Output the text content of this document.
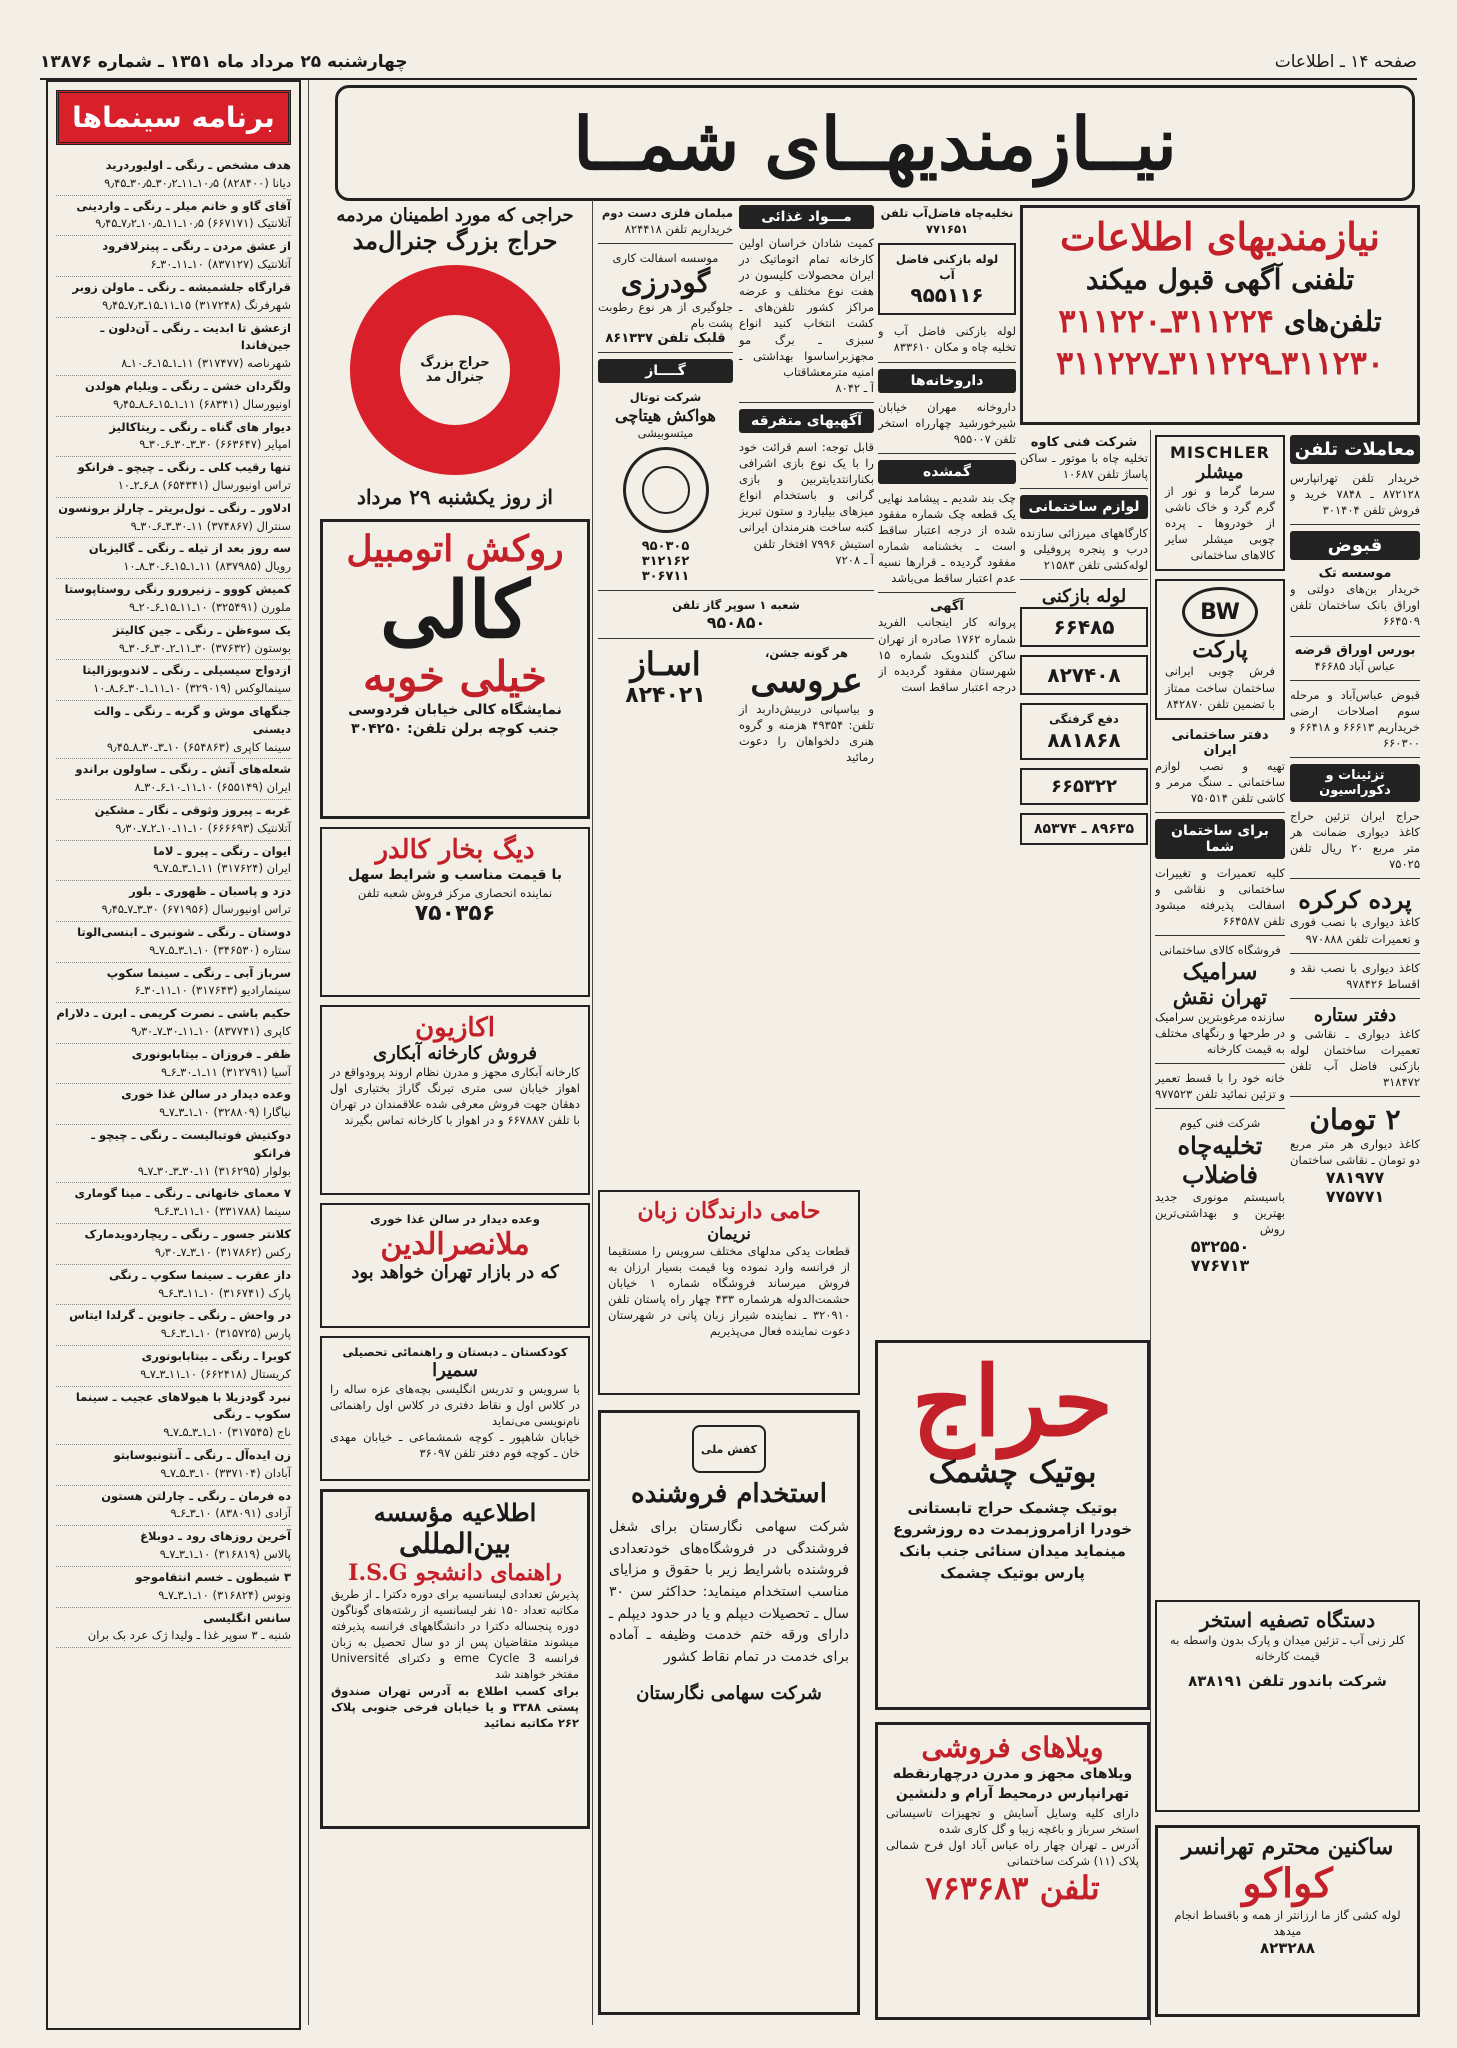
صفحه ۱۴ ـ اطلاعات
چهارشنبه ۲۵ مرداد ماه ۱۳۵۱ ـ شماره ۱۳۸۷۶
نیــازمندیهــای شمــا
نیازمندیهای اطلاعات
تلفنی آگهی قبول میکند
تلفن‌های
۳۱۱۲۲۴ـ۳۱۱۲۲۰
۳۱۱۲۳۰ـ۳۱۱۲۲۹ـ۳۱۱۲۲۷
معاملات تلفن
خریدار تلفن تهرانپارس ۸۷۲۱۲۸ ـ ۷۸۴۸ خرید و فروش تلفن ۳۰۱۴۰۴
قبوض
موسسه تک
خریدار بن‌های دولتی و اوراق بانک ساختمان تلفن ۶۶۴۵۰۹
بورس اوراق قرضه
عباس آباد ۴۶۶۸۵
قبوض عباس‌آباد و مرحله سوم اصلاحات ارضی خریداریم ۶۶۶۱۳ و ۶۶۴۱۸ و ۶۶۰۳۰۰
تزئینات و دکوراسیون
حراج ایران تزئین حراج کاغذ دیواری ضمانت هر متر مربع ۲۰ ریال تلفن ۷۵۰۲۵
پرده کرکره
کاغذ دیواری با نصب فوری و تعمیرات تلفن ۹۷۰۸۸۸
کاغذ دیواری با نصب نقد و اقساط ۹۷۸۴۲۶
دفتر ستاره
کاغذ دیواری ـ نقاشی و تعمیرات ساختمان لوله بازکنی فاضل آب تلفن ۳۱۸۴۷۲
۲ تومان
کاغذ دیواری هر متر مربع دو تومان ـ نقاشی ساختمان
۷۸۱۹۷۷
۷۷۵۷۷۱
MISCHLER
میشلر
سرما گرما و نور از گرم گرد و خاک ناشی از خودروها ـ پرده چوبی میشلر سایر کالاهای ساختمانی
BW
پارکت
فرش چوبی ایرانی ساختمان ساخت ممتاز با تضمین تلفن ۸۴۲۸۷۰
دفتر ساختمانی ایران
تهیه و نصب لوازم ساختمانی ـ سنگ مرمر و کاشی تلفن ۷۵۰۵۱۴
برای ساختمان شما
کلیه تعمیرات و تغییرات ساختمانی و نقاشی و اسفالت پذیرفته میشود تلفن ۶۶۴۵۸۷
فروشگاه کالای ساختمانی
سرامیک
تهران نقش
سازنده مرغوبترین سرامیک در طرحها و رنگهای مختلف به قیمت کارخانه
خانه خود را با قسط تعمیر و تزئین نمائید تلفن ۹۷۷۵۲۳
شرکت فنی کیوم
تخلیه‌چاه
فاضلاب
باسیستم مونوری جدید بهترین و بهداشتی‌ترین روش
۵۳۲۵۵۰
۷۷۶۷۱۳
شرکت فنی کاوه
تخلیه چاه با موتور ـ ساکن پاساژ تلفن ۱۰۶۸۷
لوازم ساختمانی
کارگاههای میرزائی سازنده درب و پنجره پروفیلی و لوله‌کشی تلفن ۲۱۵۸۳
لوله بازکنی
۶۶۴۸۵
۸۲۷۴۰۸
دفع گرفتگی
۸۸۱۸۶۸
۶۶۵۳۲۲
۸۹۶۳۵ ـ ۸۵۳۷۴
نخلیه‌چاه فاضل‌آب تلفن ۷۷۱۶۵۱
لوله بازکنی فاضل آب
۹۵۵۱۱۶
لوله بازکنی فاضل آب و تخلیه چاه و مکان ۸۳۳۶۱۰
داروخانه‌ها
داروخانه مهران خیابان شیرخورشید چهارراه استخر تلفن ۹۵۵۰۰۷
گمشده
چک بند شدیم ـ پیشامد نهایی یک قطعه چک شماره مفقود شده از درجه اعتبار ساقط است ـ بخشنامه شماره مفقود گردیده ـ قرارها نسیه عدم اعتبار ساقط می‌باشد
آگهی
پروانه کار اینجانب الفرید شماره ۱۷۶۲ صادره از تهران ساکن گلندویک شماره ۱۵ شهرستان مفقود گردیده از درجه اعتبار ساقط است
مـــواد غذائی
کمیت شادان خراسان اولین کارخانه تمام اتوماتیک در ایران محصولات کلیسون در هفت نوع مختلف و عرضه مراکز کشور تلفن‌های ـ کشت انتخاب کنید انواع سبزی ـ برگ مو مجهزبراساسوا بهداشتی ـ امنیه مترمعشاقتاب
آ ـ ۸۰۴۲
آگهیهای متفرقه
قابل توجه: اسم قرائت خود را با یک نوع بازی اشرافی بکنارانتدیایتربین و بازی گرانی و باستخدام انواع میزهای بیلیارد و ستون تبریز کتبه ساخت هنرمندان ایرانی استیش ۷۹۹۶ افتخار تلفن
آ ـ ۷۲۰۸
مبلمان فلزی دست دوم
خریداریم تلفن ۸۲۴۴۱۸
موسسه اسفالت کاری
گودرزی
جلوگیری از هر نوع رطوبت پشت بام
قلبک تلفن ۸۶۱۳۳۷
گــــاز
شرکت توتال
هواکش هیتاچی
میتسوبیشی
۹۵۰۳۰۵
۳۱۲۱۶۲
۳۰۶۷۱۱
شعبه ۱ سوپر گاز تلفن
۹۵۰۸۵۰
هر گونه جشن،
عروسی
و بیاسپانی دربیش‌داربد از تلفن: ۴۹۳۵۴ هزمنه و گروه هنری دلخواهان را دعوت رمائید
اسـاز
۸۲۴۰۲۱
حامی دارندگان زبان
نریمان
قطعات یدکی مدلهای مختلف سرویس را مستقیما از فرانسه وارد نموده وبا قیمت بسیار ارزان به فروش میرساند فروشگاه شماره ۱ خیابان حشمت‌الدوله هرشماره ۴۳۳ چهار راه پاستان تلفن ۳۲۰۹۱۰ ـ نماینده شیراز زبان پانی در شهرستان دعوت نماینده فعال می‌پذیریم
حراج
بوتیک چشمک
بوتیک چشمک حراج تابستانی خودرا ازامروزبمدت ده روزشروع مینماید میدان سنائی جنب بانک پارس بوتیک چشمک
کفش ملی
استخدام فروشنده
شرکت سهامی نگارستان برای شغل فروشندگی در فروشگاه‌های خودتعدادی فروشنده باشرایط زیر با حقوق و مزایای مناسب استخدام مینماید: حداکثر سن ۳۰ سال ـ تحصیلات دیپلم و یا در حدود دیپلم ـ دارای ورقه ختم خدمت وظیفه ـ آماده برای خدمت در تمام نقاط کشور
شرکت سهامی نگارستان
ویلاهای فروشی
ویلاهای مجهز و مدرن درچهارنقطه تهرانپارس درمحیط آرام و دلنشین
دارای کلیه وسایل آسایش و تجهیزات تاسیساتی استخر سرباز و باغچه زیبا و گل کاری شده
آدرس ـ تهران چهار راه عباس آباد اول فرح شمالی پلاک (۱۱) شرکت ساختمانی
تلفن ۷۶۳۶۸۳
دستگاه تصفیه استخر
کلر زنی آب ـ تزئین میدان و پارک بدون واسطه به قیمت کارخانه
شرکت باندور تلفن ۸۳۸۱۹۱
ساکنین محترم تهرانسر
کواکو
لوله کشی گاز ما ارزانتر از همه و باقساط انجام میدهد
۸۲۳۲۸۸
حراجی که مورد اطمینان مردمه
حراج بزرگ جنرال‌مد
حراج بزرگ جنرال مد
از روز یکشنبه ۲۹ مرداد
روکش اتومبیل
کالی
خیلی خوبه
نمایشگاه کالی خیابان فردوسی
جنب کوچه برلن تلفن: ۳۰۴۲۵۰
دیگ بخار کالدر
با قیمت مناسب و شرایط سهل
نماینده انحصاری مرکز فروش شعبه تلفن
۷۵۰۳۵۶
اکازیون
فروش کارخانه آبکاری
کارخانه آبکاری مجهز و مدرن نظام اروند پرودواقع در اهواز خیابان سی متری تیرنگ گاراژ بختیاری اول دهقان جهت فروش معرفی شده علاقمندان در تهران با تلفن ۶۶۷۸۸۷ و در اهواز با کارخانه تماس بگیرند
وعده دیدار در سالن غذا خوری
ملانصرالدین
که در بازار تهران خواهد بود
کودکستان ـ دبستان و راهنمائی تحصیلی
سمیرا
با سرویس و تدریس انگلیسی بچه‌های عزه ساله را در کلاس اول و نقاط دفتری در کلاس اول راهنمائی نام‌نویسی می‌نماید
خیابان شاهپور ـ کوچه شمشماعی ـ خیابان مهدی خان ـ کوچه فوم دفتر تلفن ۳۶۰۹۷
اطلاعیه مؤسسه
بین‌المللی
راهنمای دانشجو I.S.G
پذیرش تعدادی لیسانسیه برای دوره دکترا ـ از طریق مکاتبه تعداد ۱۵۰ نفر لیسانسیه از رشته‌های گوناگون دوره پنجساله دکترا در دانشگاههای فرانسه پذیرفته میشوند متقاضیان پس از دو سال تحصیل به زبان فرانسه 3 eme Cycle و دکترای Université مفتخر خواهند شد
برای کسب اطلاع به آدرس تهران صندوق پستی ۳۳۸۸ و یا خیابان فرخی جنوبی پلاک ۲۶۲ مکاتبه نمائید
برنامه سینماها
هدف مشخص ـ رنگی ـ اولیوردرید
دیانا (۸۲۸۴۰۰) ۱۰٫۵ـ۱۱ـ۳۰٫۲ـ۳۰٫۵ـ۹٫۴۵
آقای گاو و خانم میلر ـ رنگی ـ واردینی
آتلانتیک (۶۶۷۱۷۱) ۱۰٫۵ـ۱۱ـ۱۰٫۵ـ۷٫۲ـ۹٫۴۵
از عشق مردن ـ رنگی ـ پیترلافرود
آتلانتیک (۸۳۷۱۲۷) ۱۰ـ۱۱ـ۳۰ـ۶
قرارگاه جلشمیشه ـ رنگی ـ ماولن زوبر
شهرفرنگ (۳۱۷۲۴۸) ۱۵ـ۱۱ـ۱۵ـ۷٫۳ـ۹٫۴۵
ازعشق تا ابدیت ـ رنگی ـ آن‌دلون ـ جین‌فاندا
شهرناصه (۳۱۷۴۷۷) ۱۱ـ۱ـ۱۵ـ۶ـ۱۰ـ۸
ولگردان خشن ـ رنگی ـ ویلیام هولدن
اونیورسال (۶۸۳۴۱) ۱۱ـ۱ـ۱۵ـ۶ـ۸ـ۹٫۴۵
دیوار های گناه ـ رنگی ـ ریتاکالیز
امپایر (۶۶۳۶۴۷) ۳۰ـ۳ـ۳۰ـ۶ـ۳۰ـ۹
تنها رقیب کلی ـ رنگی ـ چیچو ـ فرانکو
تراس اونیورسال (۶۵۴۳۴۱) ۸ـ۶ـ۲ـ۱۰
ادلاور ـ رنگی ـ نول‌بریتر ـ چارلز برونسون
سنترال (۳۷۴۸۶۷) ۱۱ـ۳۰ـ۳ـ۶ـ۳۰ـ۹
سه روز بعد از تیله ـ رنگی ـ گالیزبان
رویال (۸۳۷۹۸۵) ۱۱ـ۱ـ۱۵ـ۶ـ۳۰ـ۸ـ۱۰
کمیش کووو ـ زنیرورو رنگی روستاپوستا
ملورن (۳۲۵۴۹۱) ۱۰ـ۱۱ـ۱۵ـ۶ـ۲۰ـ۹
یک سوءظن ـ رنگی ـ جین کالیتز
بوستون (۳۷۶۳۲) ۳۰ـ۱۱ـ۲ـ۳۰ـ۶ـ۳۰ـ۹
ازدواج سیسیلی ـ رنگی ـ لاندوبوزالیتا
سینمالوکس (۳۲۹۰۱۹) ۱۰ـ۱۱ـ۱ـ۳۰ـ۶ـ۸ـ۱۰
جنگهای موش و گربه ـ رنگی ـ والت دیسنی
سینما کاپری (۶۵۴۸۶۳) ۱۰ـ۳ـ۳۰ـ۸ـ۹٫۴۵
شعله‌های آتش ـ رنگی ـ ساولون براندو
ایران (۶۵۵۱۴۹) ۱۰ـ۱۱ـ۱۰ـ۶ـ۳۰ـ۸
غربه ـ پیروز وثوقی ـ نگار ـ مشکین
آتلانتیک (۶۶۶۶۹۳) ۱۰ـ۱۱ـ۱۰ـ۲ـ۷ـ۹٫۳۰
ایوان ـ رنگی ـ پیرو ـ لاما
ایران (۳۱۷۶۲۴) ۱۱ـ۱ـ۳ـ۵ـ۷ـ۹
دزد و پاسبان ـ ظهوری ـ بلور
تراس اونیورسال (۶۷۱۹۵۶) ۳۰ـ۳ـ۷ـ۹٫۴۵
دوستان ـ رنگی ـ شونبری ـ ابنسی‌الوتا
ستاره (۳۴۶۵۳۰) ۱۰ـ۱ـ۳ـ۵ـ۷ـ۹
سرباز آبی ـ رنگی ـ سینما سکوپ
سینمارادیو (۳۱۷۶۴۳) ۱۰ـ۱۱ـ۳۰ـ۶
حکیم باشی ـ نصرت کریمی ـ ایرن ـ دلارام
کاپری (۸۳۷۷۴۱) ۱۰ـ۱۱ـ۳۰ـ۷ـ۹٫۳۰
ظفر ـ فروزان ـ بیتابابونوری
آسیا (۳۱۲۷۹۱) ۱۱ـ۱ـ۳۰ـ۶ـ۹
وعده دیدار در سالن غذا خوری
نیاگارا (۳۲۸۸۰۹) ۱۰ـ۱ـ۳ـ۷ـ۹
دوکتیش فوتبالیست ـ رنگی ـ چیچو ـ فرانکو
بولوار (۳۱۶۲۹۵) ۱۱ـ۳۰ـ۳ـ۳۰ـ۷ـ۹
۷ معمای خانهانی ـ رنگی ـ مینا گوماری
سینما (۳۳۱۷۸۸) ۱۰ـ۱۱ـ۳ـ۶ـ۹
کلانتر جسور ـ رنگی ـ ریچاردویدمارک
رکس (۳۱۷۸۶۲) ۱۰ـ۳ـ۷ـ۹٫۳۰
داز عقرب ـ سینما سکوپ ـ رنگی
پارک (۳۱۶۷۴۱) ۱۰ـ۱۱ـ۳ـ۶ـ۹
در واحش ـ رنگی ـ جانوین ـ گرلدا ایتاس
پارس (۳۱۵۷۲۵) ۱۰ـ۱ـ۳ـ۶ـ۹
کوبرا ـ رنگی ـ بیتابابونوری
کریستال (۶۶۲۴۱۸) ۱۰ـ۱۱ـ۳ـ۷ـ۹
نبرد گودزیلا با هیولاهای عجیب ـ سینما سکوپ ـ رنگی
ناج (۳۱۷۵۴۵) ۱۰ـ۱ـ۳ـ۵ـ۷ـ۹
زن ایده‌آل ـ رنگی ـ آنتونیوسابتو
آبادان (۳۳۷۱۰۴) ۱۰ـ۳ـ۵ـ۷ـ۹
ده فرمان ـ رنگی ـ چارلتن هستون
آزادی (۸۳۸۰۹۱) ۱۰ـ۳ـ۶ـ۹
آخرین روزهای رود ـ دوبلاغ
پالاس (۳۱۶۸۱۹) ۱۰ـ۱ـ۳ـ۷ـ۹
۳ شیطون ـ خسم انتقاموجو
ونوس (۳۱۶۸۲۴) ۱۰ـ۱ـ۳ـ۷ـ۹
سانس انگلیسی
شنبه ـ ۳ سوپر غذا ـ ولیدا ژک عرد بک بران
